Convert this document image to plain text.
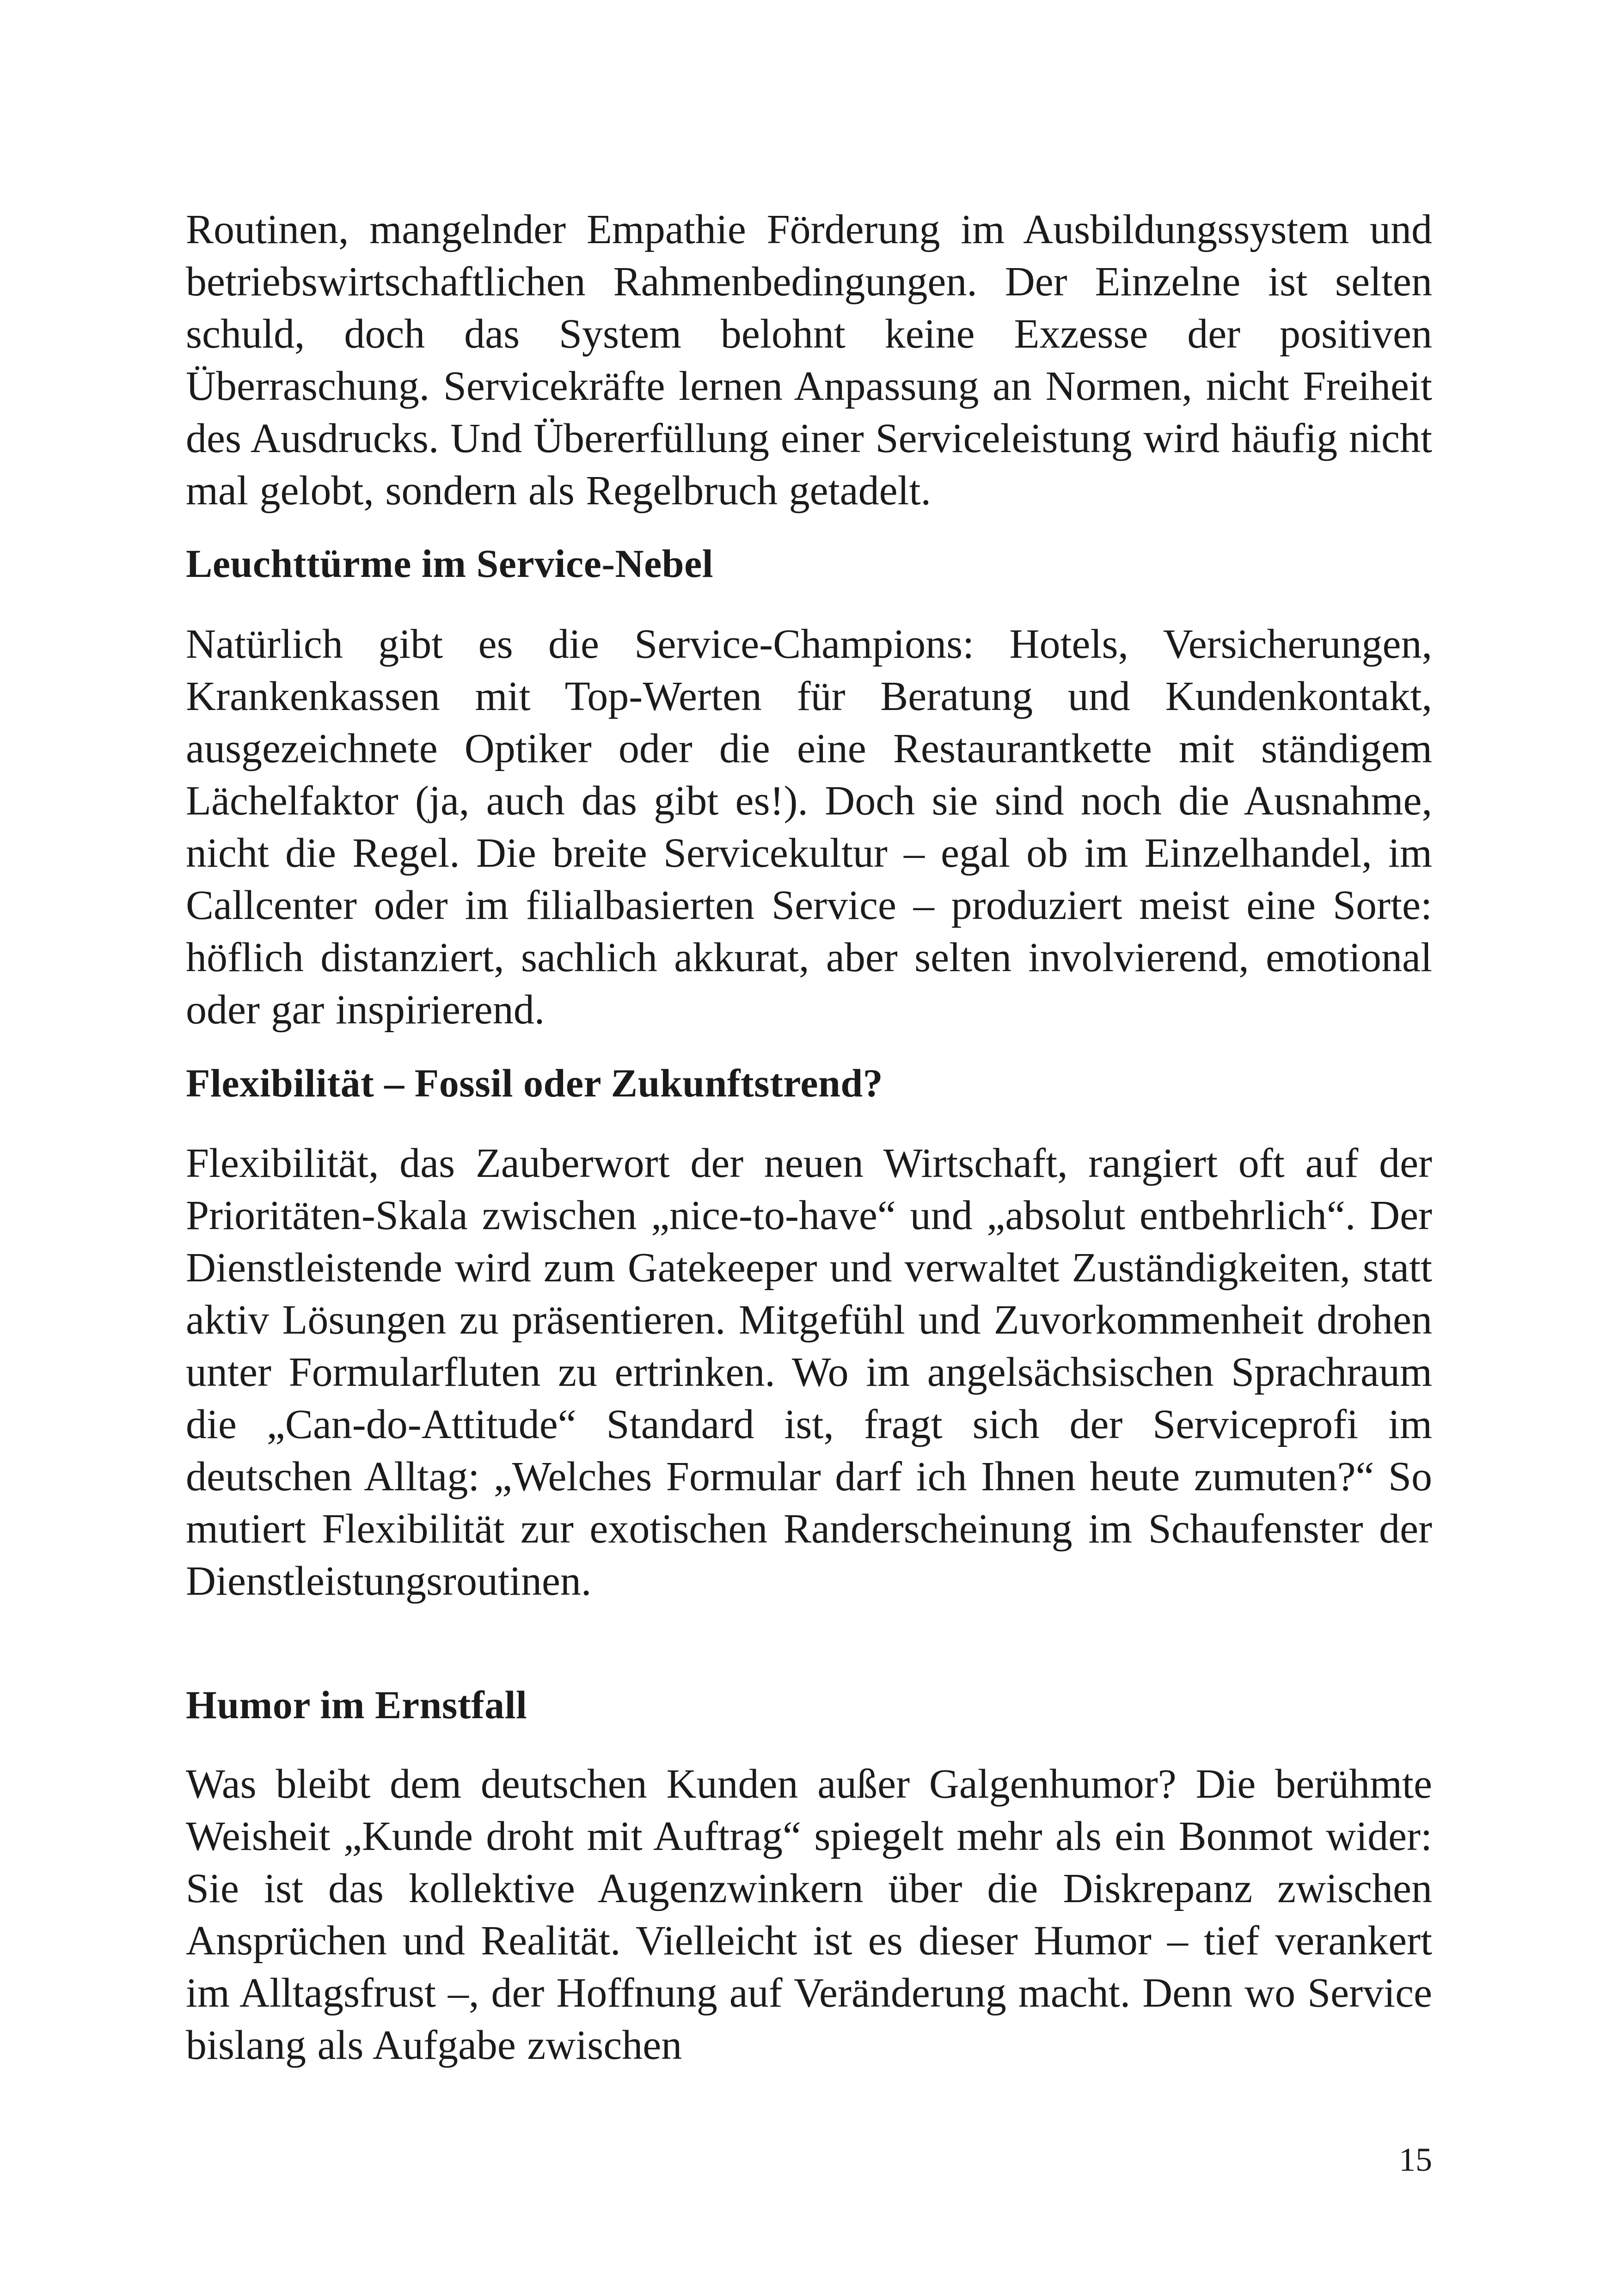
Routinen, mangelnder Empathie Förderung im Ausbildungssystem und betriebswirtschaftlichen Rahmenbedingungen. Der Einzelne ist selten schuld, doch das System belohnt keine Exzesse der positiven Überraschung. Servicekräfte lernen Anpassung an Normen, nicht Freiheit des Ausdrucks. Und Übererfüllung einer Serviceleistung wird häufig nicht mal gelobt, sondern als Regelbruch getadelt.

Leuchttürme im Service-Nebel

Natürlich gibt es die Service-Champions: Hotels, Versicherungen, Krankenkassen mit Top-Werten für Beratung und Kundenkontakt, ausgezeichnete Optiker oder die eine Restaurantkette mit ständigem Lächelfaktor (ja, auch das gibt es!). Doch sie sind noch die Ausnahme, nicht die Regel. Die breite Servicekultur – egal ob im Einzelhandel, im Callcenter oder im filialbasierten Service – produziert meist eine Sorte: höflich distanziert, sachlich akkurat, aber selten involvierend, emotional oder gar inspirierend.

Flexibilität – Fossil oder Zukunftstrend?

Flexibilität, das Zauberwort der neuen Wirtschaft, rangiert oft auf der Prioritäten-Skala zwischen „nice-to-have“ und „absolut entbehrlich“. Der Dienstleistende wird zum Gatekeeper und verwaltet Zuständigkeiten, statt aktiv Lösungen zu präsentieren. Mitgefühl und Zuvorkommenheit drohen unter Formularfluten zu ertrinken. Wo im angelsächsischen Sprachraum die „Can-do-Attitude“ Standard ist, fragt sich der Serviceprofi im deutschen Alltag: „Welches Formular darf ich Ihnen heute zumuten?“ So mutiert Flexibilität zur exotischen Randerscheinung im Schaufenster der Dienstleistungsroutinen.

Humor im Ernstfall

Was bleibt dem deutschen Kunden außer Galgenhumor? Die berühmte Weisheit „Kunde droht mit Auftrag“ spiegelt mehr als ein Bonmot wider: Sie ist das kollektive Augenzwinkern über die Diskrepanz zwischen Ansprüchen und Realität. Vielleicht ist es dieser Humor – tief verankert im Alltagsfrust –, der Hoffnung auf Veränderung macht. Denn wo Service bislang als Aufgabe zwischen

15
